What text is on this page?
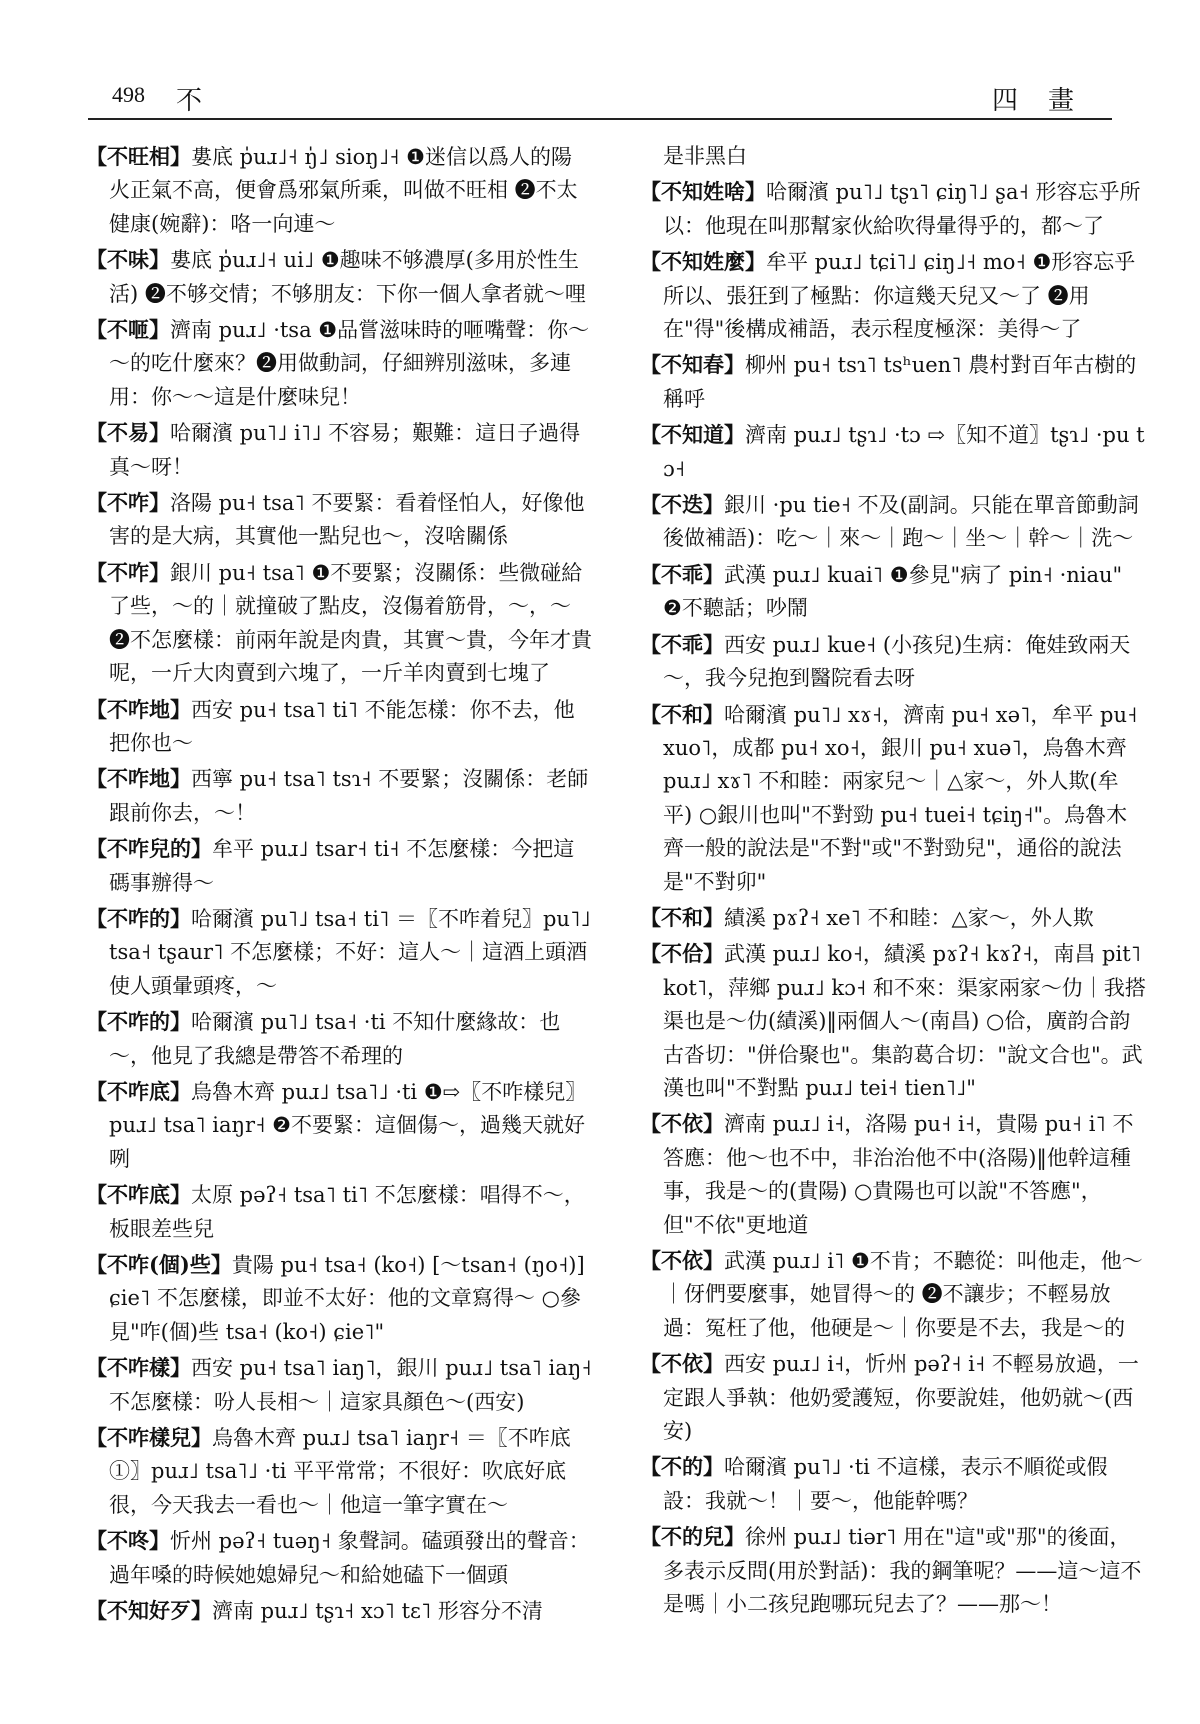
498 不	四畫

【不旺相】婁底 p̍uɹ˩˧ ŋ̍˩ sioŋ˩˧ ❶迷信以爲人的陽火正氣不高，便會爲邪氣所乘，叫做不旺相 ❷不太健康(婉辭)：咯一向連～

【不味】婁底 p̍uɹ˩˧ ui˩ ❶趣味不够濃厚(多用於性生活) ❷不够交情；不够朋友：下你一個人拿者就～哩

【不咂】濟南 puɹ˩ ·tsa ❶品嘗滋味時的咂嘴聲：你～～的吃什麼來？❷用做動詞，仔細辨別滋味，多連用：你～～這是什麼味兒！

【不易】哈爾濱 pu˥˩ i˥˩ 不容易；艱難：這日子過得真～呀！

【不咋】洛陽 pu˧ tsa˥ 不要緊：看着怪怕人，好像他害的是大病，其實他一點兒也～，沒啥關係

【不咋】銀川 pu˧ tsa˥ ❶不要緊；沒關係：些微碰給了些，～的｜就撞破了點皮，沒傷着筋骨，～，～ ❷不怎麼樣：前兩年說是肉貴，其實～貴，今年才貴呢，一斤大肉賣到六塊了，一斤羊肉賣到七塊了

【不咋地】西安 pu˧ tsa˥ ti˥ 不能怎樣：你不去，他把你也～

【不咋地】西寧 pu˧ tsa˥ tsɿ˧ 不要緊；沒關係：老師跟前你去，～！

【不咋兒的】牟平 puɹ˩ tsar˧ ti˧ 不怎麼樣：今把這碼事辦得～

【不咋的】哈爾濱 pu˥˩ tsa˧ ti˥ ＝〖不咋着兒〗pu˥˩ tsa˧ tʂaur˥ 不怎麼樣；不好：這人～｜這酒上頭酒使人頭暈頭疼，～

【不咋的】哈爾濱 pu˥˩ tsa˧ ·ti 不知什麼緣故：也～，他見了我總是帶答不希理的

【不咋底】烏魯木齊 puɹ˩ tsa˥˩ ·ti ❶⇨〖不咋樣兒〗puɹ˩ tsa˥ iaŋr˧ ❷不要緊：這個傷～，過幾天就好咧

【不咋底】太原 pəʔ˧ tsa˥ ti˥ 不怎麼樣：唱得不～，板眼差些兒

【不咋(個)些】貴陽 pu˧ tsa˧ (ko˧) [～tsan˧ (ŋo˧)] ɕie˥ 不怎麼樣，即並不太好：他的文章寫得～ ○參見"咋(個)些 tsa˧ (ko˧) ɕie˥"

【不咋樣】西安 pu˧ tsa˥ iaŋ˥，銀川 puɹ˩ tsa˥ iaŋ˧ 不怎麼樣：吩人長相～｜這家具顏色～(西安)

【不咋樣兒】烏魯木齊 puɹ˩ tsa˥ iaŋr˧ ＝〖不咋底①〗puɹ˩ tsa˥˩ ·ti 平平常常；不很好：吹底好底很，今天我去一看也～｜他這一筆字實在～

【不咚】忻州 pəʔ˧ tuəŋ˧ 象聲詞。磕頭發出的聲音：過年嗓的時候她媳婦兒～和給她磕下一個頭

【不知好歹】濟南 puɹ˩ tʂɿ˧ xɔ˥ tɛ˥ 形容分不清

是非黑白

【不知姓啥】哈爾濱 pu˥˩ tʂɿ˥ ɕiŋ˥˩ ʂa˧ 形容忘乎所以：他現在叫那幫家伙給吹得暈得乎的，都～了

【不知姓麼】牟平 puɹ˩ tɕi˥˩ ɕiŋ˩˧ mo˧ ❶形容忘乎所以、張狂到了極點：你這幾天兒又～了 ❷用在"得"後構成補語，表示程度極深：美得～了

【不知春】柳州 pu˧ tsɿ˥ tsʰuen˥ 農村對百年古樹的稱呼

【不知道】濟南 puɹ˩ tʂɿ˩ ·tɔ ⇨〖知不道〗tʂɿ˩ ·pu tɔ˧

【不迭】銀川 ·pu tie˧ 不及(副詞。只能在單音節動詞後做補語)：吃～｜來～｜跑～｜坐～｜幹～｜洗～

【不乖】武漢 puɹ˩ kuai˥ ❶參見"病了 pin˧ ·niau" ❷不聽話；吵鬧

【不乖】西安 puɹ˩ kue˧ (小孩兒)生病：俺娃致兩天～，我今兒抱到醫院看去呀

【不和】哈爾濱 pu˥˩ xɤ˧，濟南 pu˧ xə˥，牟平 pu˧ xuo˥，成都 pu˧ xo˧，銀川 pu˧ xuə˥，烏魯木齊 puɹ˩ xɤ˥ 不和睦：兩家兒～｜△家～，外人欺(牟平) ○銀川也叫"不對勁 pu˧ tuei˧ tɕiŋ˧"。烏魯木齊一般的說法是"不對"或"不對勁兒"，通俗的說法是"不對卯"

【不和】績溪 pɤʔ˧ xe˥ 不和睦：△家～，外人欺

【不佮】武漢 puɹ˩ ko˧，績溪 pɤʔ˧ kɤʔ˧，南昌 pit˥ kot˥，萍鄉 puɹ˩ kɔ˧ 和不來：渠家兩家～仂｜我搭渠也是～仂(績溪)‖兩個人～(南昌) ○佮，廣韵合韵古沓切："併佮聚也"。集韵葛合切："說文合也"。武漢也叫"不對點 puɹ˩ tei˧ tien˥˩"

【不依】濟南 puɹ˩ i˧，洛陽 pu˧ i˧，貴陽 pu˧ i˥ 不答應：他～也不中，非治治他不中(洛陽)‖他幹這種事，我是～的(貴陽) ○貴陽也可以說"不答應"，但"不依"更地道

【不依】武漢 puɹ˩ i˥ ❶不肯；不聽從：叫他走，他～｜伢們要麼事，她冒得～的 ❷不讓步；不輕易放過：冤枉了他，他硬是～｜你要是不去，我是～的

【不依】西安 puɹ˩ i˧，忻州 pəʔ˧ i˧ 不輕易放過，一定跟人爭執：他奶愛護短，你要說娃，他奶就～(西安)

【不的】哈爾濱 pu˥˩ ·ti 不這樣，表示不順從或假設：我就～！｜要～，他能幹嗎？

【不的兒】徐州 puɹ˩ tiər˥ 用在"這"或"那"的後面，多表示反問(用於對話)：我的鋼筆呢？——這～這不是嗎｜小二孩兒跑哪玩兒去了？——那～！
